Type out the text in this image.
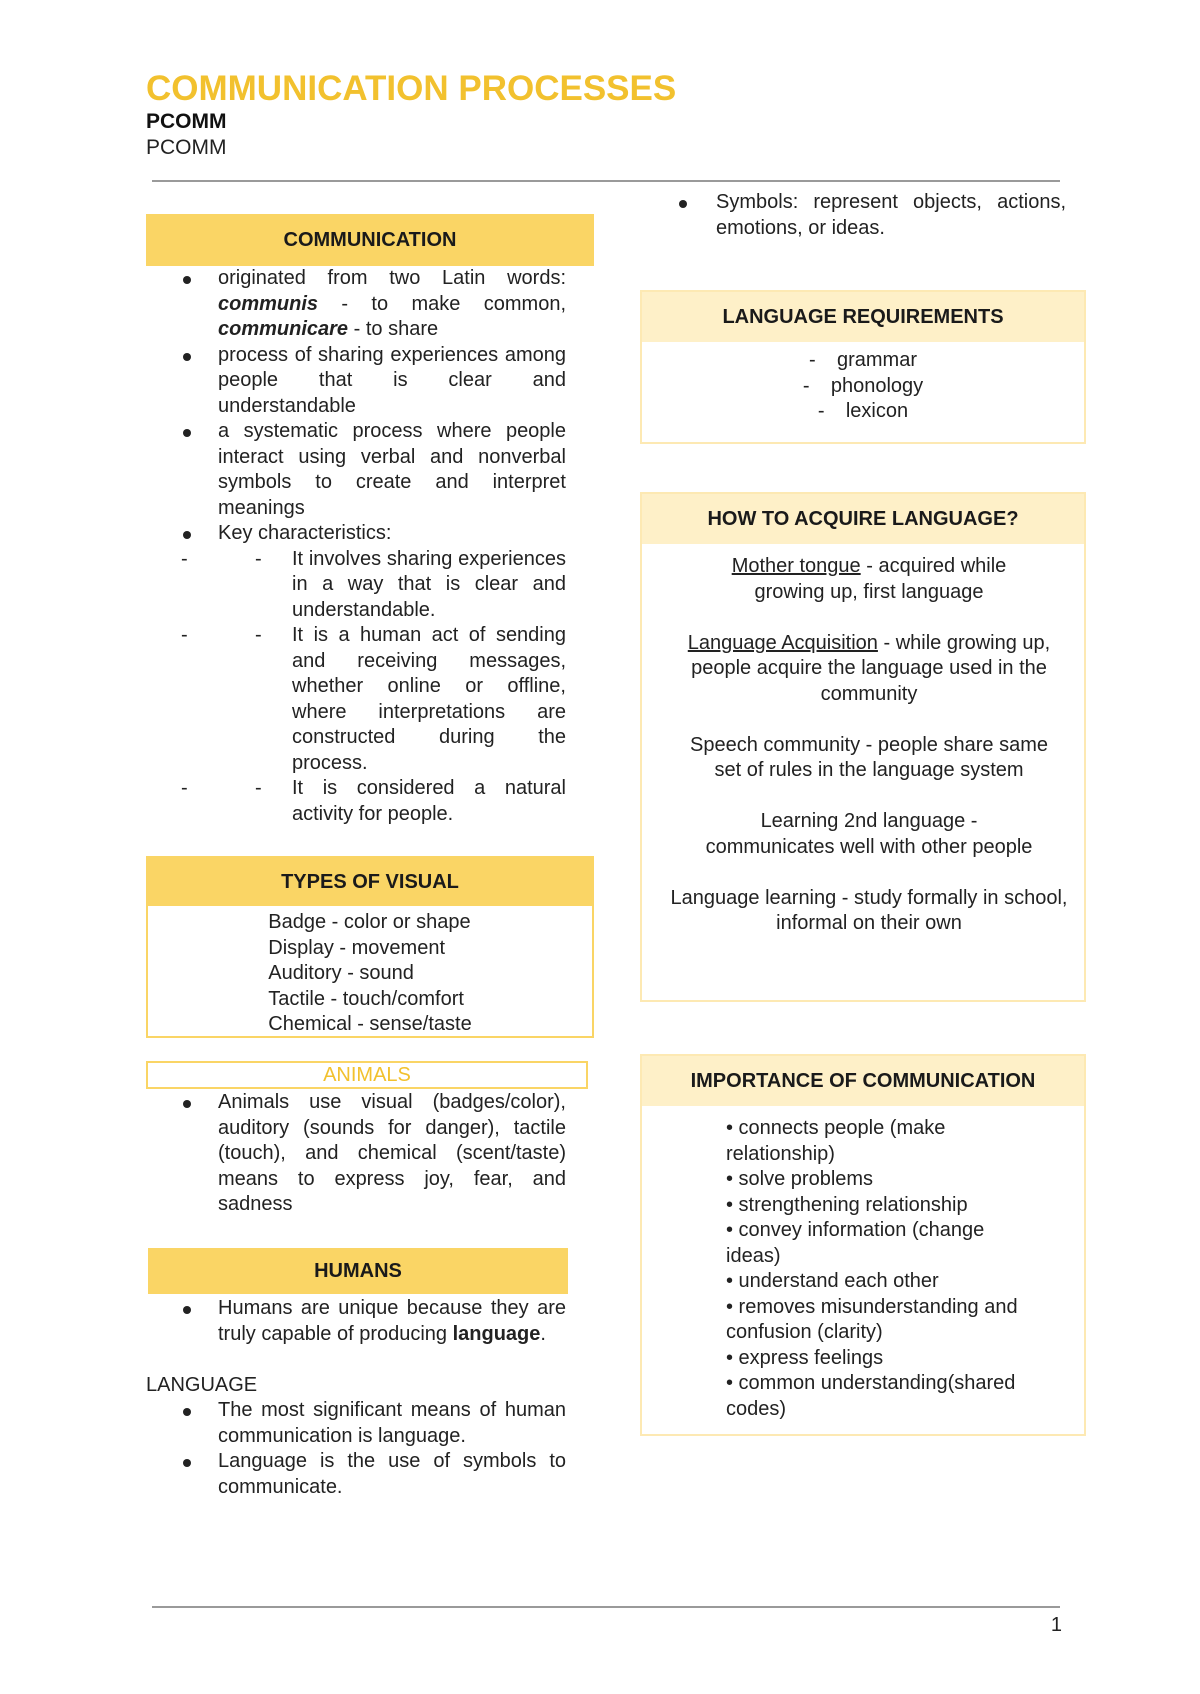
COMMUNICATION PROCESSES
PCOMM
PCOMM
COMMUNICATION
originated from two Latin words: communis - to make common, communicare - to share
process of sharing experiences among people that is clear and understandable
a systematic process where people interact using verbal and nonverbal symbols to create and interpret meanings
Key characteristics:
- - It involves sharing experiences in a way that is clear and understandable.
- - It is a human act of sending and receiving messages, whether online or offline, where interpretations are constructed during the process.
- - It is considered a natural activity for people.
TYPES OF VISUAL
Badge - color or shape
Display - movement
Auditory - sound
Tactile - touch/comfort
Chemical - sense/taste
ANIMALS
Animals use visual (badges/color), auditory (sounds for danger), tactile (touch), and chemical (scent/taste) means to express joy, fear, and sadness
HUMANS
Humans are unique because they are truly capable of producing language.
LANGUAGE
The most significant means of human communication is language.
Language is the use of symbols to communicate.
Symbols: represent objects, actions, emotions, or ideas.
LANGUAGE REQUIREMENTS
- grammar
- phonology
- lexicon
HOW TO ACQUIRE LANGUAGE?
Mother tongue - acquired while growing up, first language
Language Acquisition - while growing up, people acquire the language used in the community
Speech community - people share same set of rules in the language system
Learning 2nd language - communicates well with other people
Language learning - study formally in school, informal on their own
IMPORTANCE OF COMMUNICATION
• connects people (make relationship)
• solve problems
• strengthening relationship
• convey information (change ideas)
• understand each other
• removes misunderstanding and confusion (clarity)
• express feelings
• common understanding(shared codes)
1
